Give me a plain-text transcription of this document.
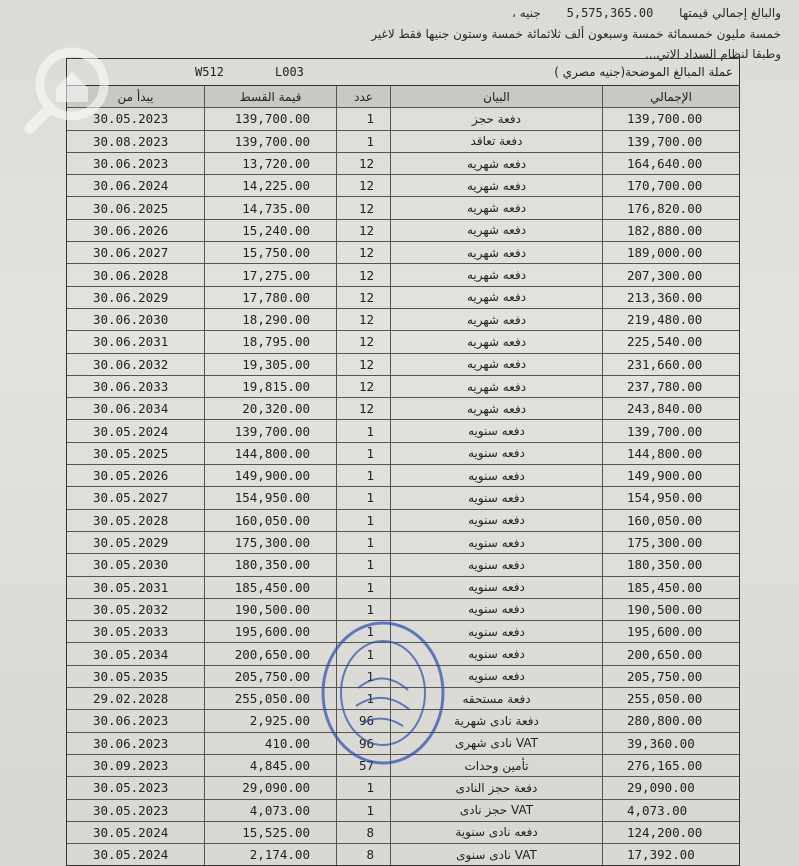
والبالغ إجمالي قيمتها 5,575,365.00 جنيه ،
خمسة مليون خمسمائة خمسة وسبعون ألف ثلاثمائة خمسة وستون جنيها فقط لاغير
وطبقا لنظام السداد الاتي...
W512	L003	عملة المبالغ الموضحة(جنيه مصري )
يبدأ من	قيمة القسط	عدد	البيان	الإجمالي
30.05.2023	139,700.00	1	دفعة حجز	139,700.00
30.08.2023	139,700.00	1	دفعة تعاقد	139,700.00
30.06.2023	13,720.00	12	دفعه شهريه	164,640.00
30.06.2024	14,225.00	12	دفعه شهريه	170,700.00
30.06.2025	14,735.00	12	دفعه شهريه	176,820.00
30.06.2026	15,240.00	12	دفعه شهريه	182,880.00
30.06.2027	15,750.00	12	دفعه شهريه	189,000.00
30.06.2028	17,275.00	12	دفعه شهريه	207,300.00
30.06.2029	17,780.00	12	دفعه شهريه	213,360.00
30.06.2030	18,290.00	12	دفعه شهريه	219,480.00
30.06.2031	18,795.00	12	دفعه شهريه	225,540.00
30.06.2032	19,305.00	12	دفعه شهريه	231,660.00
30.06.2033	19,815.00	12	دفعه شهريه	237,780.00
30.06.2034	20,320.00	12	دفعه شهريه	243,840.00
30.05.2024	139,700.00	1	دفعه سنويه	139,700.00
30.05.2025	144,800.00	1	دفعه سنويه	144,800.00
30.05.2026	149,900.00	1	دفعه سنويه	149,900.00
30.05.2027	154,950.00	1	دفعه سنويه	154,950.00
30.05.2028	160,050.00	1	دفعه سنويه	160,050.00
30.05.2029	175,300.00	1	دفعه سنويه	175,300.00
30.05.2030	180,350.00	1	دفعه سنويه	180,350.00
30.05.2031	185,450.00	1	دفعه سنويه	185,450.00
30.05.2032	190,500.00	1	دفعه سنويه	190,500.00
30.05.2033	195,600.00	1	دفعه سنويه	195,600.00
30.05.2034	200,650.00	1	دفعه سنويه	200,650.00
30.05.2035	205,750.00	1	دفعه سنويه	205,750.00
29.02.2028	255,050.00	1	دفعة مستحقه	255,050.00
30.06.2023	2,925.00	96	دفعة نادى شهرية	280,800.00
30.06.2023	410.00	96	VAT نادى شهرى	39,360.00
30.09.2023	4,845.00	57	تأمين وحدات	276,165.00
30.05.2023	29,090.00	1	دفعة حجز النادى	29,090.00
30.05.2023	4,073.00	1	VAT حجز نادى	4,073.00
30.05.2024	15,525.00	8	دفعه نادى سنوية	124,200.00
30.05.2024	2,174.00	8	VAT نادى سنوى	17,392.00
